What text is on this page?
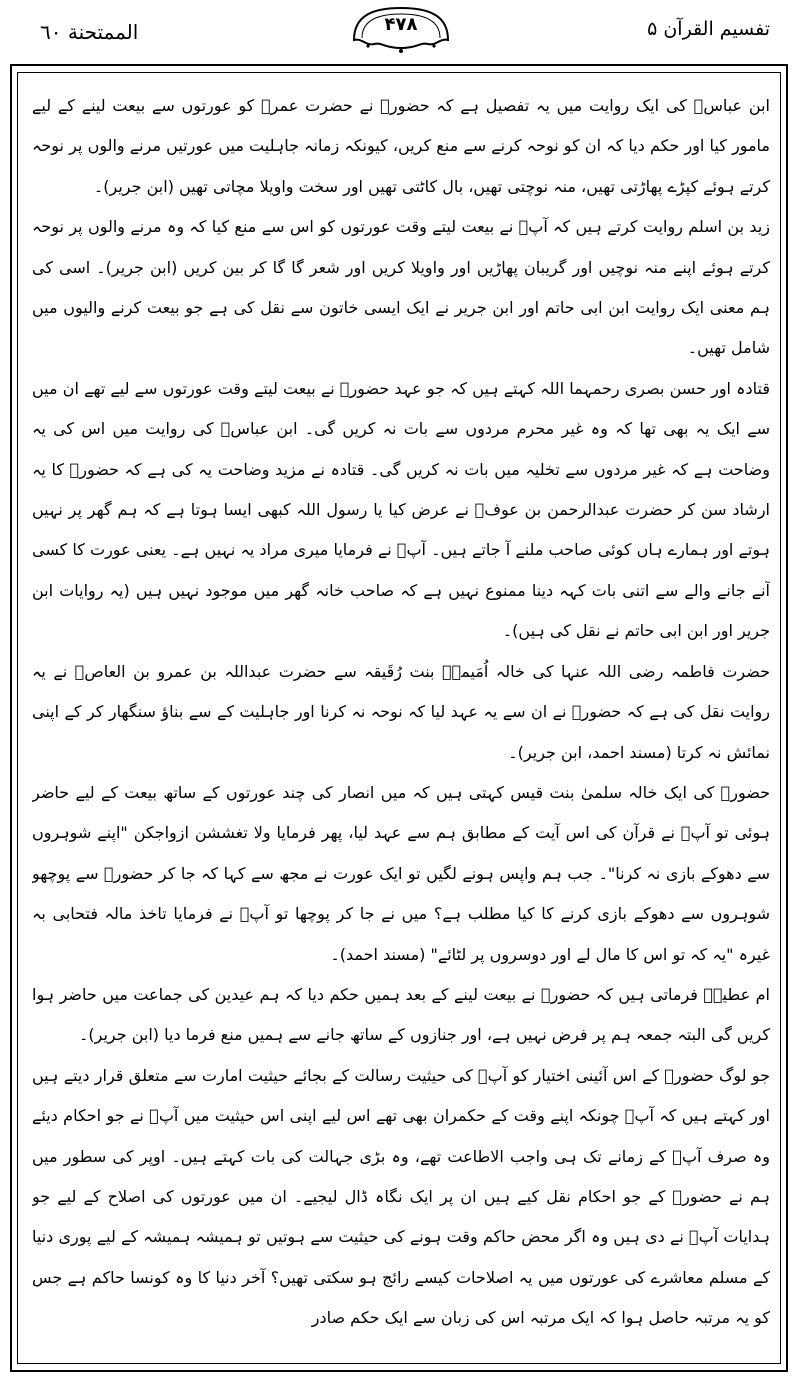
تفسیم القرآن ۵
۴۷۸
الممتحنة ٦٠

ابن عباسؓ کی ایک روایت میں یہ تفصیل ہے کہ حضورؐ نے حضرت عمرؓ کو عورتوں سے بیعت لینے کے لیے مامور کیا اور حکم دیا کہ ان کو نوحہ کرنے سے منع کریں، کیونکہ زمانہ جاہلیت میں عورتیں مرنے والوں پر نوحہ کرتے ہوئے کپڑے پھاڑتی تھیں، منہ نوچتی تھیں، بال کاٹتی تھیں اور سخت واویلا مچاتی تھیں (ابن جریر)۔

زید بن اسلم روایت کرتے ہیں کہ آپؐ نے بیعت لیتے وقت عورتوں کو اس سے منع کیا کہ وہ مرنے والوں پر نوحہ کرتے ہوئے اپنے منہ نوچیں اور گریبان پھاڑیں اور واویلا کریں اور شعر گا گا کر بین کریں (ابن جریر)۔ اسی کی ہم معنی ایک روایت ابن ابی حاتم اور ابن جریر نے ایک ایسی خاتون سے نقل کی ہے جو بیعت کرنے والیوں میں شامل تھیں۔

قتادہ اور حسن بصری رحمہما اللہ کہتے ہیں کہ جو عہد حضورؐ نے بیعت لیتے وقت عورتوں سے لیے تھے ان میں سے ایک یہ بھی تھا کہ وہ غیر محرم مردوں سے بات نہ کریں گی۔ ابن عباسؓ کی روایت میں اس کی یہ وضاحت ہے کہ غیر مردوں سے تخلیہ میں بات نہ کریں گی۔ قتادہ نے مزید وضاحت یہ کی ہے کہ حضورؐ کا یہ ارشاد سن کر حضرت عبدالرحمن بن عوفؓ نے عرض کیا یا رسول اللہ کبھی ایسا ہوتا ہے کہ ہم گھر پر نہیں ہوتے اور ہمارے ہاں کوئی صاحب ملنے آ جاتے ہیں۔ آپؐ نے فرمایا میری مراد یہ نہیں ہے۔ یعنی عورت کا کسی آنے جانے والے سے اتنی بات کہہ دینا ممنوع نہیں ہے کہ صاحب خانہ گھر میں موجود نہیں ہیں (یہ روایات ابن جریر اور ابن ابی حاتم نے نقل کی ہیں)۔

حضرت فاطمہ رضی اللہ عنہا کی خالہ اُمَیمہؓ بنت رُقَیقہ سے حضرت عبداللہ بن عمرو بن العاصؓ نے یہ روایت نقل کی ہے کہ حضورؐ نے ان سے یہ عہد لیا کہ نوحہ نہ کرنا اور جاہلیت کے سے بناؤ سنگھار کر کے اپنی نمائش نہ کرتا (مسند احمد، ابن جریر)۔

حضورؐ کی ایک خالہ سلمیٰ بنت قیس کہتی ہیں کہ میں انصار کی چند عورتوں کے ساتھ بیعت کے لیے حاضر ہوئی تو آپؐ نے قرآن کی اس آیت کے مطابق ہم سے عہد لیا، پھر فرمایا ولا تغششن ازواجکن "اپنے شوہروں سے دھوکے بازی نہ کرنا"۔ جب ہم واپس ہونے لگیں تو ایک عورت نے مجھ سے کہا کہ جا کر حضورؐ سے پوچھو شوہروں سے دھوکے بازی کرنے کا کیا مطلب ہے؟ میں نے جا کر پوچھا تو آپؐ نے فرمایا تاخذ مالہ فتحابی بہ غیرہ "یہ کہ تو اس کا مال لے اور دوسروں پر لٹائے" (مسند احمد)۔

ام عطیہؓ فرماتی ہیں کہ حضورؐ نے بیعت لینے کے بعد ہمیں حکم دیا کہ ہم عیدین کی جماعت میں حاضر ہوا کریں گی البتہ جمعہ ہم پر فرض نہیں ہے، اور جنازوں کے ساتھ جانے سے ہمیں منع فرما دیا (ابن جریر)۔

جو لوگ حضورؐ کے اس آئینی اختیار کو آپؐ کی حیثیت رسالت کے بجائے حیثیت امارت سے متعلق قرار دیتے ہیں اور کہتے ہیں کہ آپؐ چونکہ اپنے وقت کے حکمران بھی تھے اس لیے اپنی اس حیثیت میں آپؐ نے جو احکام دیئے وہ صرف آپؐ کے زمانے تک ہی واجب الاطاعت تھے، وہ بڑی جہالت کی بات کہتے ہیں۔ اوپر کی سطور میں ہم نے حضورؐ کے جو احکام نقل کیے ہیں ان پر ایک نگاہ ڈال لیجیے۔ ان میں عورتوں کی اصلاح کے لیے جو ہدایات آپؐ نے دی ہیں وہ اگر محض حاکم وقت ہونے کی حیثیت سے ہوتیں تو ہمیشہ ہمیشہ کے لیے پوری دنیا کے مسلم معاشرے کی عورتوں میں یہ اصلاحات کیسے رائج ہو سکتی تھیں؟ آخر دنیا کا وہ کونسا حاکم ہے جس کو یہ مرتبہ حاصل ہوا کہ ایک مرتبہ اس کی زبان سے ایک حکم صادر
